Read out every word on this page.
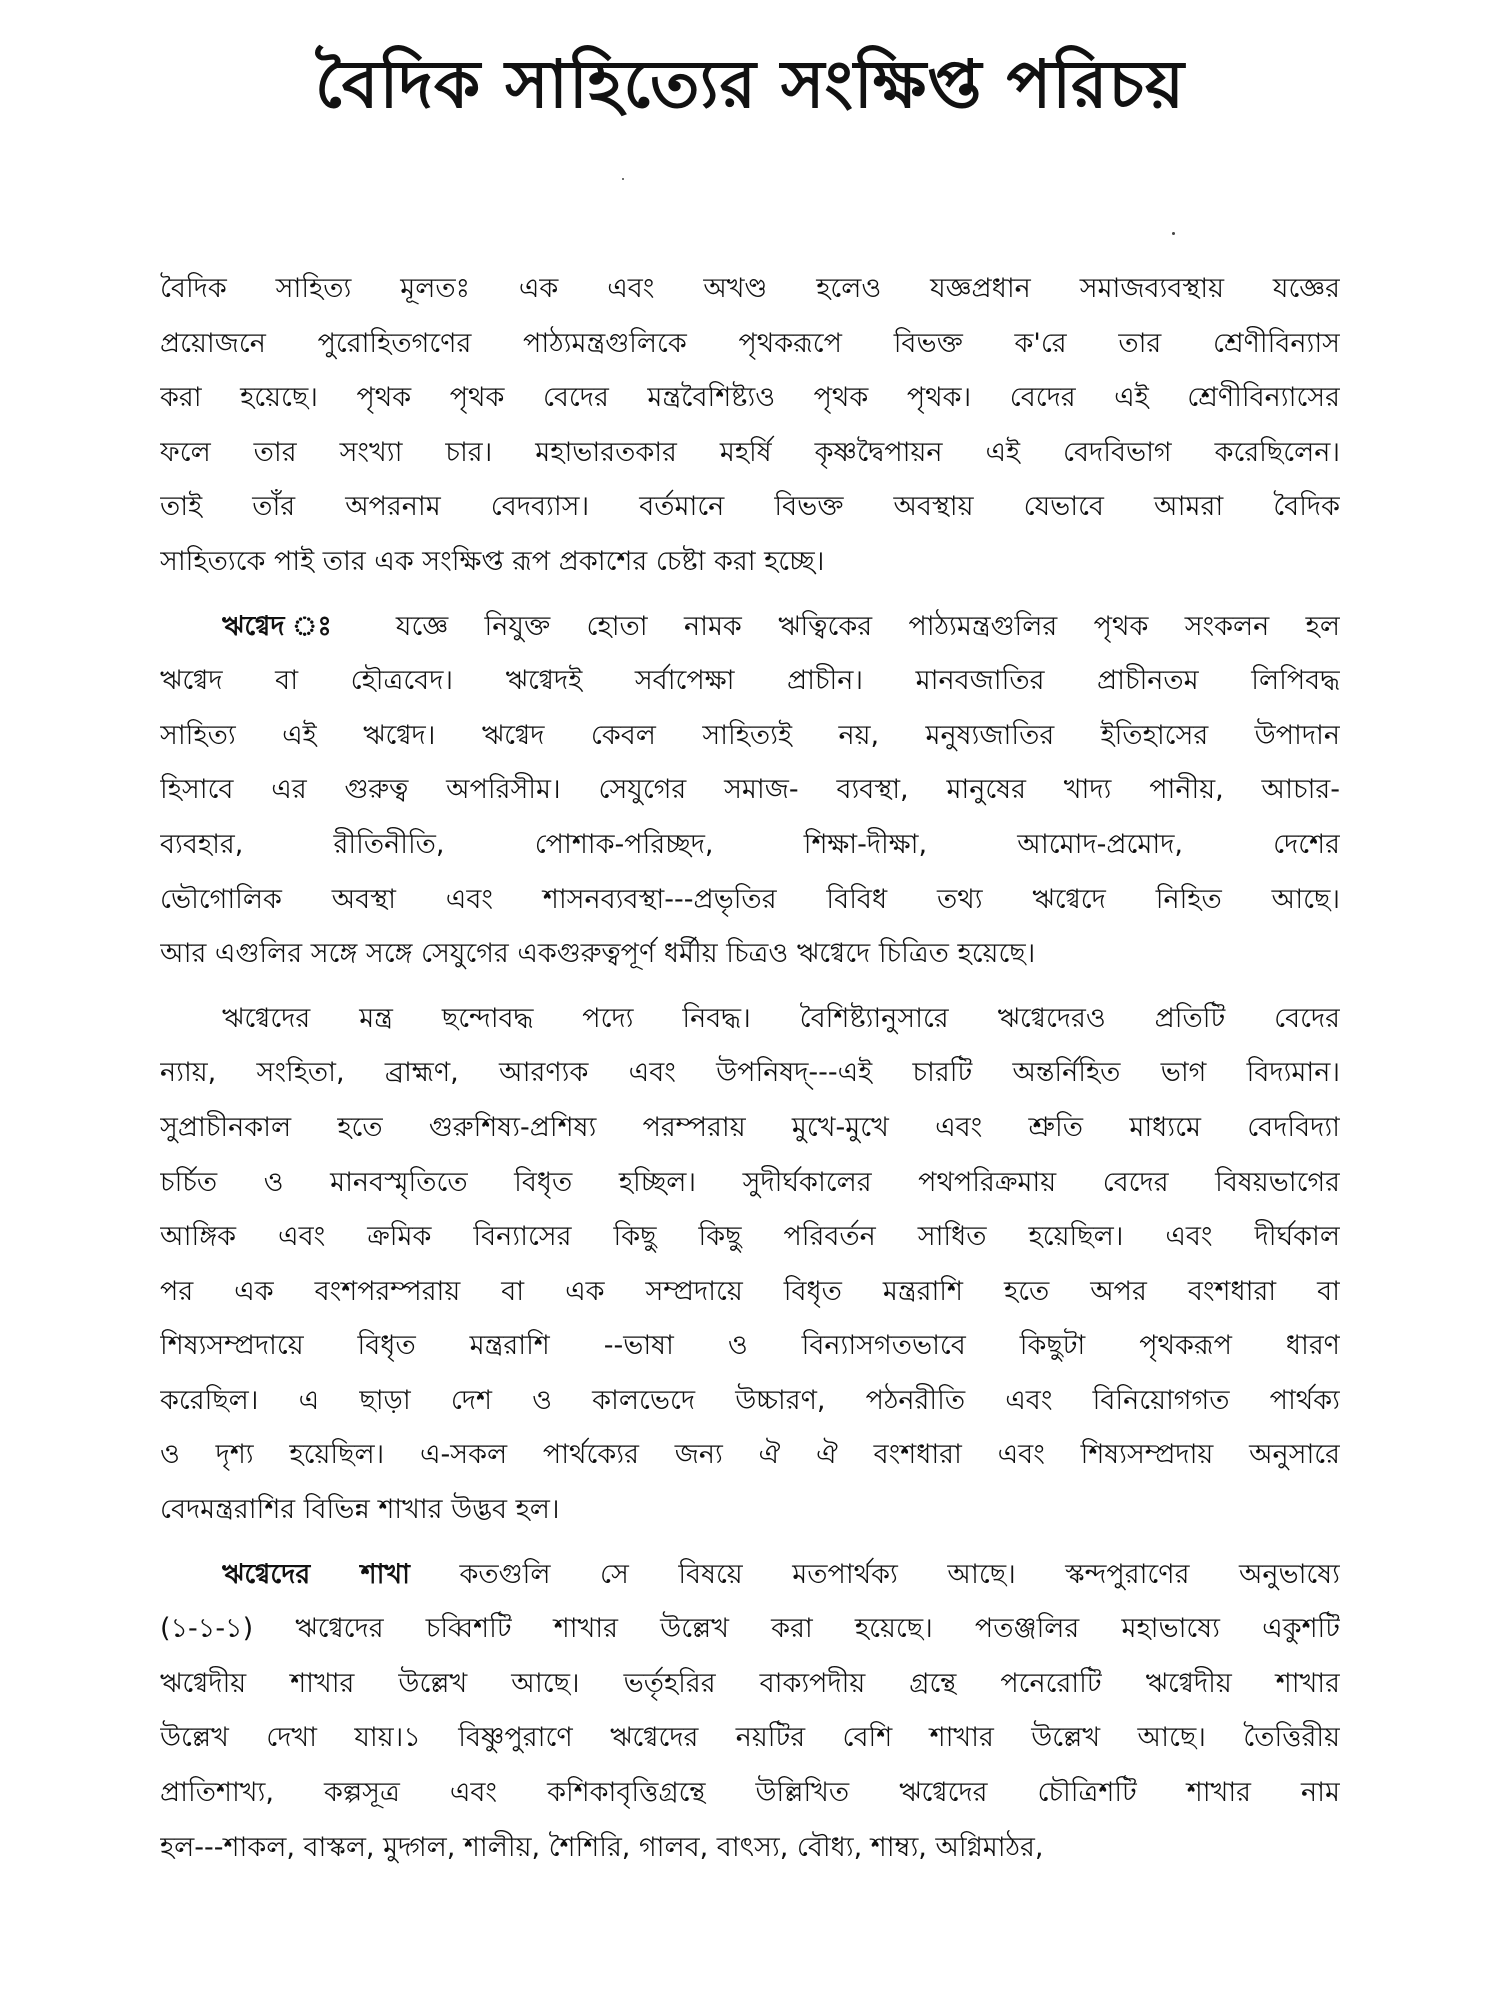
বৈদিক সাহিত্যের সংক্ষিপ্ত পরিচয়
বৈদিক সাহিত্য মূলতঃ এক এবং অখণ্ড হলেও যজ্ঞপ্রধান সমাজব্যবস্থায় যজ্ঞের
প্রয়োজনে পুরোহিতগণের পাঠ্যমন্ত্রগুলিকে পৃথকরূপে বিভক্ত ক'রে তার শ্রেণীবিন্যাস
করা হয়েছে। পৃথক পৃথক বেদের মন্ত্রবৈশিষ্ট্যও পৃথক পৃথক। বেদের এই শ্রেণীবিন্যাসের
ফলে তার সংখ্যা চার। মহাভারতকার মহর্ষি কৃষ্ণদ্বৈপায়ন এই বেদবিভাগ করেছিলেন।
তাই তাঁর অপরনাম বেদব্যাস। বর্তমানে বিভক্ত অবস্থায় যেভাবে আমরা বৈদিক
সাহিত্যকে পাই তার এক সংক্ষিপ্ত রূপ প্রকাশের চেষ্টা করা হচ্ছে।
ঋগ্বেদ ঃ যজ্ঞে নিযুক্ত হোতা নামক ঋত্বিকের পাঠ্যমন্ত্রগুলির পৃথক সংকলন হল
ঋগ্বেদ বা হৌত্রবেদ। ঋগ্বেদই সর্বাপেক্ষা প্রাচীন। মানবজাতির প্রাচীনতম লিপিবদ্ধ
সাহিত্য এই ঋগ্বেদ। ঋগ্বেদ কেবল সাহিত্যই নয়, মনুষ্যজাতির ইতিহাসের উপাদান
হিসাবে এর গুরুত্ব অপরিসীম। সেযুগের সমাজ- ব্যবস্থা, মানুষের খাদ্য পানীয়, আচার-
ব্যবহার, রীতিনীতি, পোশাক-পরিচ্ছদ, শিক্ষা-দীক্ষা, আমোদ-প্রমোদ, দেশের
ভৌগোলিক অবস্থা এবং শাসনব্যবস্থা---প্রভৃতির বিবিধ তথ্য ঋগ্বেদে নিহিত আছে।
আর এগুলির সঙ্গে সঙ্গে সেযুগের একগুরুত্বপূর্ণ ধর্মীয় চিত্রও ঋগ্বেদে চিত্রিত হয়েছে।
ঋগ্বেদের মন্ত্র ছন্দোবদ্ধ পদ্যে নিবদ্ধ। বৈশিষ্ট্যানুসারে ঋগ্বেদেরও প্রতিটি বেদের
ন্যায়, সংহিতা, ব্রাহ্মণ, আরণ্যক এবং উপনিষদ্---এই চারটি অন্তর্নিহিত ভাগ বিদ্যমান।
সুপ্রাচীনকাল হতে গুরুশিষ্য-প্রশিষ্য পরম্পরায় মুখে-মুখে এবং শ্রুতি মাধ্যমে বেদবিদ্যা
চর্চিত ও মানবস্মৃতিতে বিধৃত হচ্ছিল। সুদীর্ঘকালের পথপরিক্রমায় বেদের বিষয়ভাগের
আঙ্গিক এবং ক্রমিক বিন্যাসের কিছু কিছু পরিবর্তন সাধিত হয়েছিল। এবং দীর্ঘকাল
পর এক বংশপরম্পরায় বা এক সম্প্রদায়ে বিধৃত মন্ত্ররাশি হতে অপর বংশধারা বা
শিষ্যসম্প্রদায়ে বিধৃত মন্ত্ররাশি --ভাষা ও বিন্যাসগতভাবে কিছুটা পৃথকরূপ ধারণ
করেছিল। এ ছাড়া দেশ ও কালভেদে উচ্চারণ, পঠনরীতি এবং বিনিয়োগগত পার্থক্য
ও দৃশ্য হয়েছিল। এ-সকল পার্থক্যের জন্য ঐ ঐ বংশধারা এবং শিষ্যসম্প্রদায় অনুসারে
বেদমন্ত্ররাশির বিভিন্ন শাখার উদ্ভব হল।
ঋগ্বেদের শাখা কতগুলি সে বিষয়ে মতপার্থক্য আছে। স্কন্দপুরাণের অনুভাষ্যে
(১-১-১) ঋগ্বেদের চব্বিশটি শাখার উল্লেখ করা হয়েছে। পতঞ্জলির মহাভাষ্যে একুশটি
ঋগ্বেদীয় শাখার উল্লেখ আছে। ভর্তৃহরির বাক্যপদীয় গ্রন্থে পনেরোটি ঋগ্বেদীয় শাখার
উল্লেখ দেখা যায়।১ বিষ্ণুপুরাণে ঋগ্বেদের নয়টির বেশি শাখার উল্লেখ আছে। তৈত্তিরীয়
প্রাতিশাখ্য, কল্পসূত্র এবং কশিকাবৃত্তিগ্রন্থে উল্লিখিত ঋগ্বেদের চৌত্রিশটি শাখার নাম
হল---শাকল, বাস্কল, মুদ্গল, শালীয়, শৈশিরি, গালব, বাৎস্য, বৌধ্য, শাম্ব্য, অগ্নিমাঠর,
